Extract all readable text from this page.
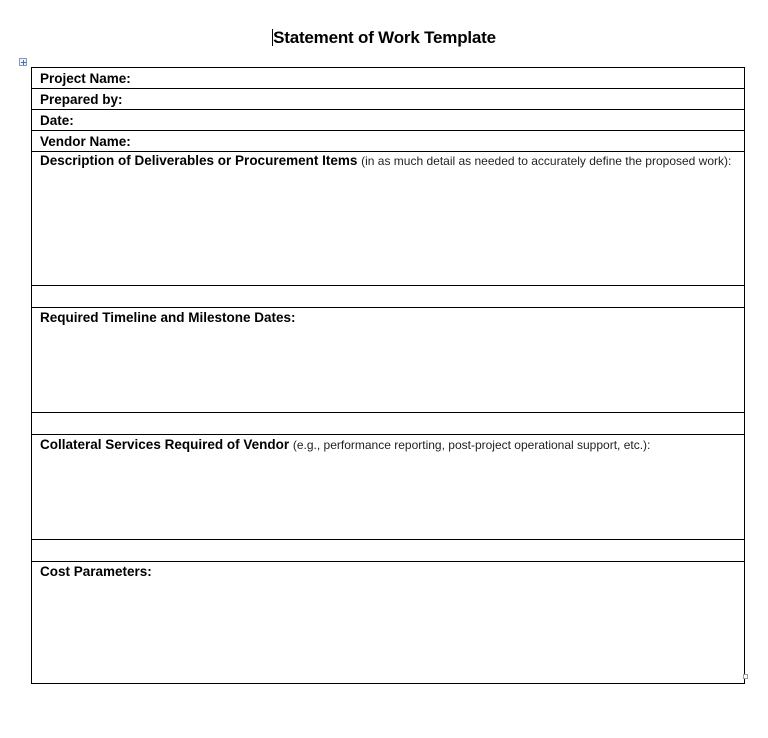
Statement of Work Template
Project Name:
Prepared by:
Date:
Vendor Name:
Description of Deliverables or Procurement Items (in as much detail as needed to accurately define the proposed work):

Required Timeline and Milestone Dates:

Collateral Services Required of Vendor (e.g., performance reporting, post-project operational support, etc.):

Cost Parameters:
